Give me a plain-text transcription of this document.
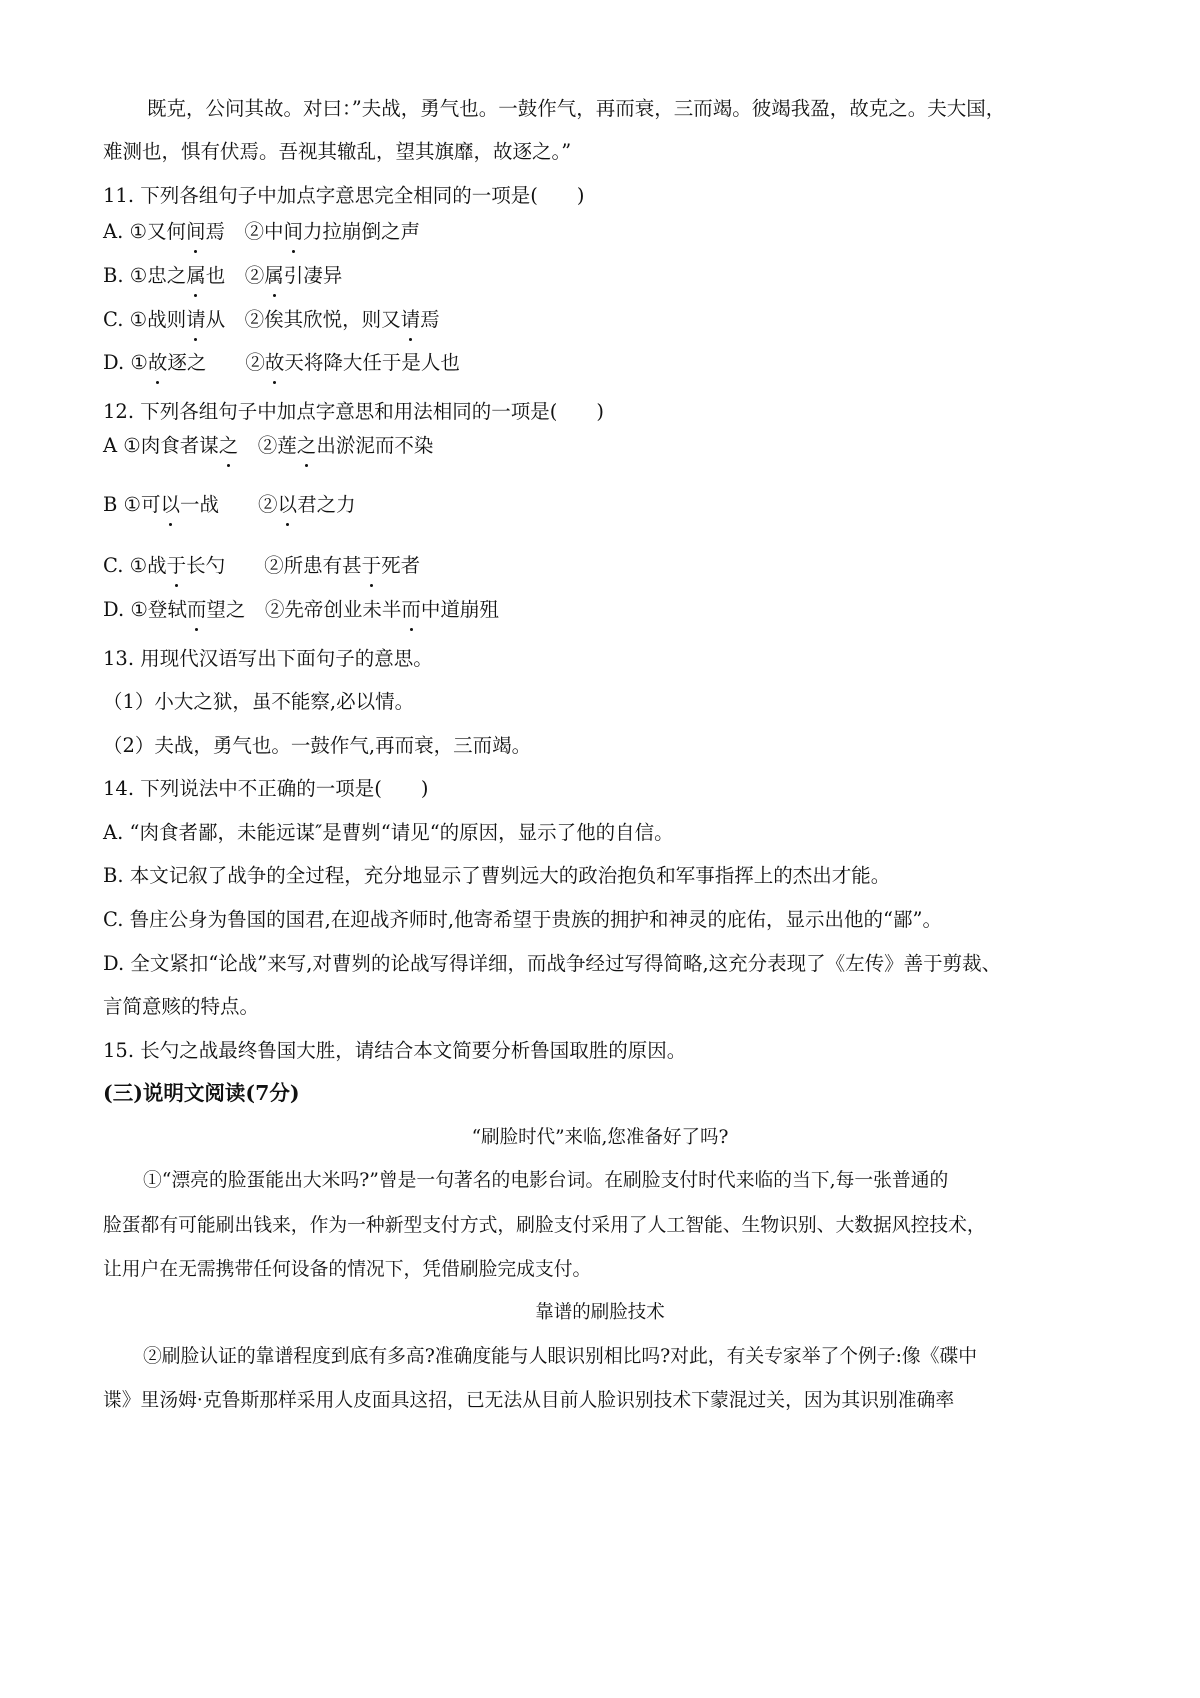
既克，公问其故。对曰：”夫战，勇气也。一鼓作气，再而衰，三而竭。彼竭我盈，故克之。夫大国，
难测也，惧有伏焉。吾视其辙乱，望其旗靡，故逐之。”
11. 下列各组句子中加点字意思完全相同的一项是(　　)
A. ①又何间焉　②中间力拉崩倒之声
B. ①忠之属也　②属引凄异
C. ①战则请从　②俟其欣悦，则又请焉
D. ①故逐之　　②故天将降大任于是人也
12. 下列各组句子中加点字意思和用法相同的一项是(　　)
A ①肉食者谋之　②莲之出淤泥而不染
B ①可以一战　　②以君之力
C. ①战于长勺　　②所患有甚于死者
D. ①登轼而望之　②先帝创业未半而中道崩殂
13. 用现代汉语写出下面句子的意思。
（1）小大之狱，虽不能察,必以情。
（2）夫战，勇气也。一鼓作气,再而衰，三而竭。
14. 下列说法中不正确的一项是(　　)
A. “肉食者鄙，未能远谋″是曹刿“请见“的原因，显示了他的自信。
B. 本文记叙了战争的全过程，充分地显示了曹刿远大的政治抱负和军事指挥上的杰出才能。
C. 鲁庄公身为鲁国的国君,在迎战齐师时,他寄希望于贵族的拥护和神灵的庇佑，显示出他的“鄙”。
D. 全文紧扣“论战”来写,对曹刿的论战写得详细，而战争经过写得简略,这充分表现了《左传》善于剪裁、
言简意赅的特点。
15. 长勺之战最终鲁国大胜，请结合本文简要分析鲁国取胜的原因。
(三)说明文阅读(7分)
“刷脸时代”来临,您准备好了吗?
①“漂亮的脸蛋能出大米吗?”曾是一句著名的电影台词。在刷脸支付时代来临的当下,每一张普通的
脸蛋都有可能刷出钱来，作为一种新型支付方式，刷脸支付采用了人工智能、生物识别、大数据风控技术，
让用户在无需携带任何设备的情况下，凭借刷脸完成支付。
靠谱的刷脸技术
②刷脸认证的靠谱程度到底有多高?准确度能与人眼识别相比吗?对此，有关专家举了个例子:像《碟中
谍》里汤姆·克鲁斯那样采用人皮面具这招，已无法从目前人脸识别技术下蒙混过关，因为其识别准确率
